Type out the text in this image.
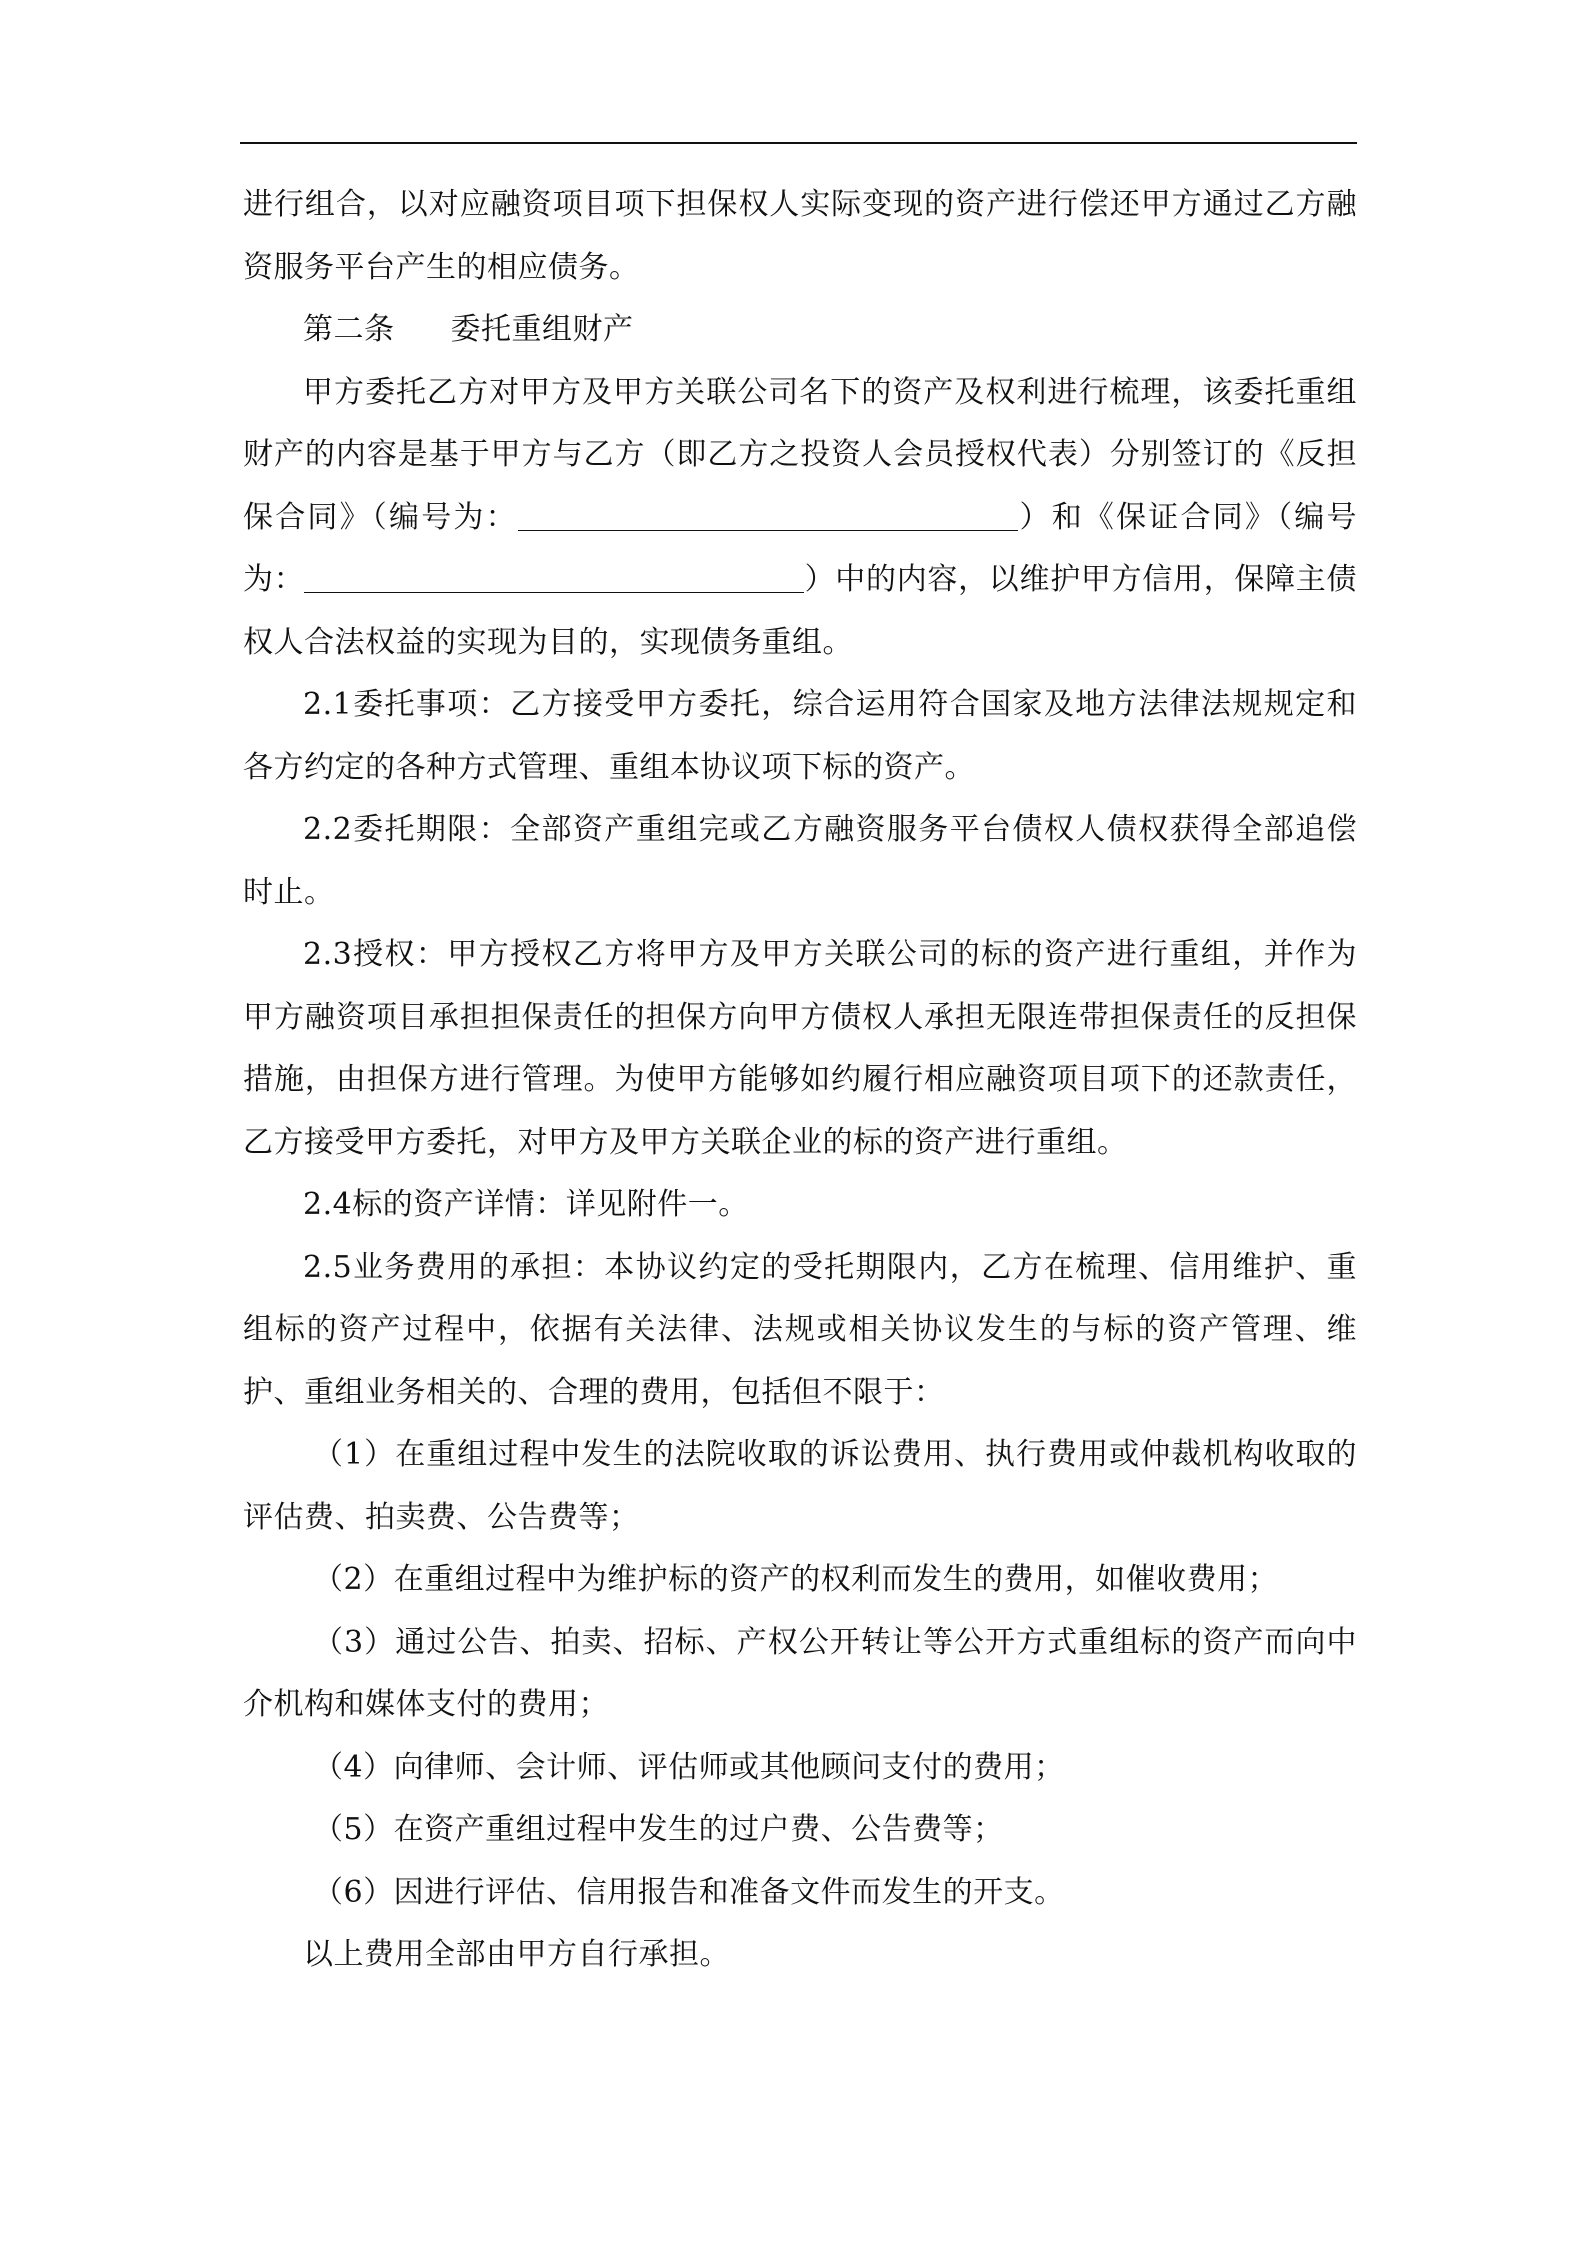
进行组合，以对应融资项目项下担保权人实际变现的资产进行偿还甲方通过乙方融资服务平台产生的相应债务。

第二条 委托重组财产

甲方委托乙方对甲方及甲方关联公司名下的资产及权利进行梳理，该委托重组财产的内容是基于甲方与乙方（即乙方之投资人会员授权代表）分别签订的《反担保合同》（编号为：	）和《保证合同》（编号为：	）中的内容，以维护甲方信用，保障主债权人合法权益的实现为目的，实现债务重组。

2.1委托事项：乙方接受甲方委托，综合运用符合国家及地方法律法规规定和各方约定的各种方式管理、重组本协议项下标的资产。

2.2委托期限：全部资产重组完或乙方融资服务平台债权人债权获得全部追偿时止。

2.3授权：甲方授权乙方将甲方及甲方关联公司的标的资产进行重组，并作为甲方融资项目承担担保责任的担保方向甲方债权人承担无限连带担保责任的反担保措施，由担保方进行管理。为使甲方能够如约履行相应融资项目项下的还款责任，乙方接受甲方委托，对甲方及甲方关联企业的标的资产进行重组。

2.4标的资产详情：详见附件一。

2.5业务费用的承担：本协议约定的受托期限内，乙方在梳理、信用维护、重组标的资产过程中，依据有关法律、法规或相关协议发生的与标的资产管理、维护、重组业务相关的、合理的费用，包括但不限于：

（1）在重组过程中发生的法院收取的诉讼费用、执行费用或仲裁机构收取的评估费、拍卖费、公告费等；

（2）在重组过程中为维护标的资产的权利而发生的费用，如催收费用；

（3）通过公告、拍卖、招标、产权公开转让等公开方式重组标的资产而向中介机构和媒体支付的费用；

（4）向律师、会计师、评估师或其他顾问支付的费用；

（5）在资产重组过程中发生的过户费、公告费等；

（6）因进行评估、信用报告和准备文件而发生的开支。

以上费用全部由甲方自行承担。
